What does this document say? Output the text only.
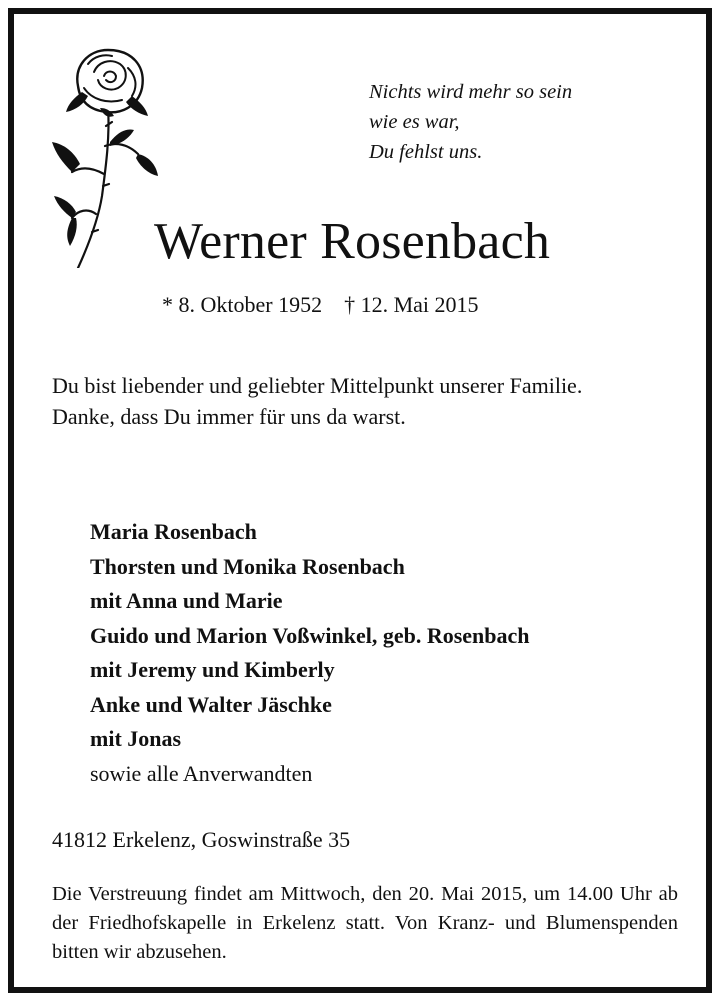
Nichts wird mehr so sein
wie es war,
Du fehlst uns.
Werner Rosenbach
* 8. Oktober 1952 † 12. Mai 2015
Du bist liebender und geliebter Mittelpunkt unserer Familie.
Danke, dass Du immer für uns da warst.
Maria Rosenbach
Thorsten und Monika Rosenbach
mit Anna und Marie
Guido und Marion Voßwinkel, geb. Rosenbach
mit Jeremy und Kimberly
Anke und Walter Jäschke
mit Jonas
sowie alle Anverwandten
41812 Erkelenz, Goswinstraße 35
Die Verstreuung findet am Mittwoch, den 20. Mai 2015, um 14.00 Uhr ab der Friedhofskapelle in Erkelenz statt. Von Kranz- und Blumenspenden bitten wir abzusehen.
